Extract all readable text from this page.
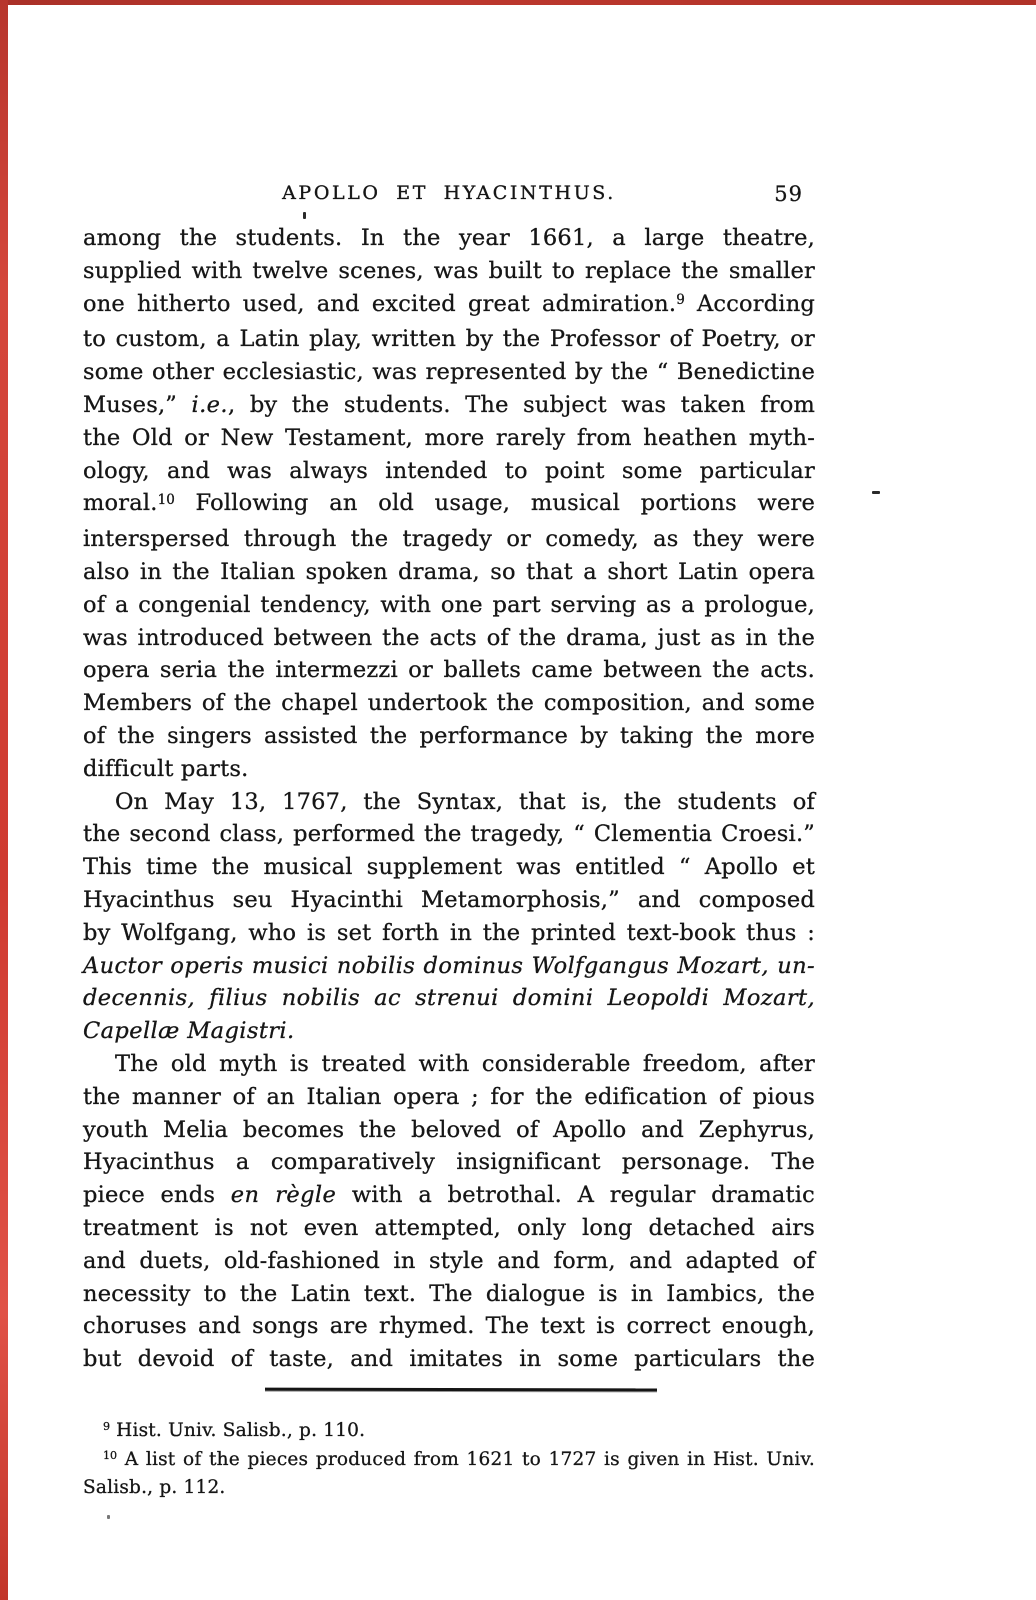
APOLLO ET HYACINTHUS.	59
among the students. In the year 1661, a large theatre,
supplied with twelve scenes, was built to replace the smaller
one hitherto used, and excited great admiration.$^9$ According
to custom, a Latin play, written by the Professor of Poetry, or
some other ecclesiastic, was represented by the “ Benedictine
Muses,” i.e., by the students. The subject was taken from
the Old or New Testament, more rarely from heathen myth-
ology, and was always intended to point some particular
moral.$^{10}$ Following an old usage, musical portions were
interspersed through the tragedy or comedy, as they were
also in the Italian spoken drama, so that a short Latin opera
of a congenial tendency, with one part serving as a prologue,
was introduced between the acts of the drama, just as in the
opera seria the intermezzi or ballets came between the acts.
Members of the chapel undertook the composition, and some
of the singers assisted the performance by taking the more
difficult parts.
On May 13, 1767, the Syntax, that is, the students of
the second class, performed the tragedy, “ Clementia Croesi.”
This time the musical supplement was entitled “ Apollo et
Hyacinthus seu Hyacinthi Metamorphosis,” and composed
by Wolfgang, who is set forth in the printed text-book thus :
Auctor operis musici nobilis dominus Wolfgangus Mozart, un-
decennis, filius nobilis ac strenui domini Leopoldi Mozart,
Capellæ Magistri.
The old myth is treated with considerable freedom, after
the manner of an Italian opera ; for the edification of pious
youth Melia becomes the beloved of Apollo and Zephyrus,
Hyacinthus a comparatively insignificant personage. The
piece ends en règle with a betrothal. A regular dramatic
treatment is not even attempted, only long detached airs
and duets, old-fashioned in style and form, and adapted of
necessity to the Latin text. The dialogue is in Iambics, the
choruses and songs are rhymed. The text is correct enough,
but devoid of taste, and imitates in some particulars the
$^9$ Hist. Univ. Salisb., p. 110.
$^{10}$ A list of the pieces produced from 1621 to 1727 is given in Hist. Univ.
Salisb., p. 112.
